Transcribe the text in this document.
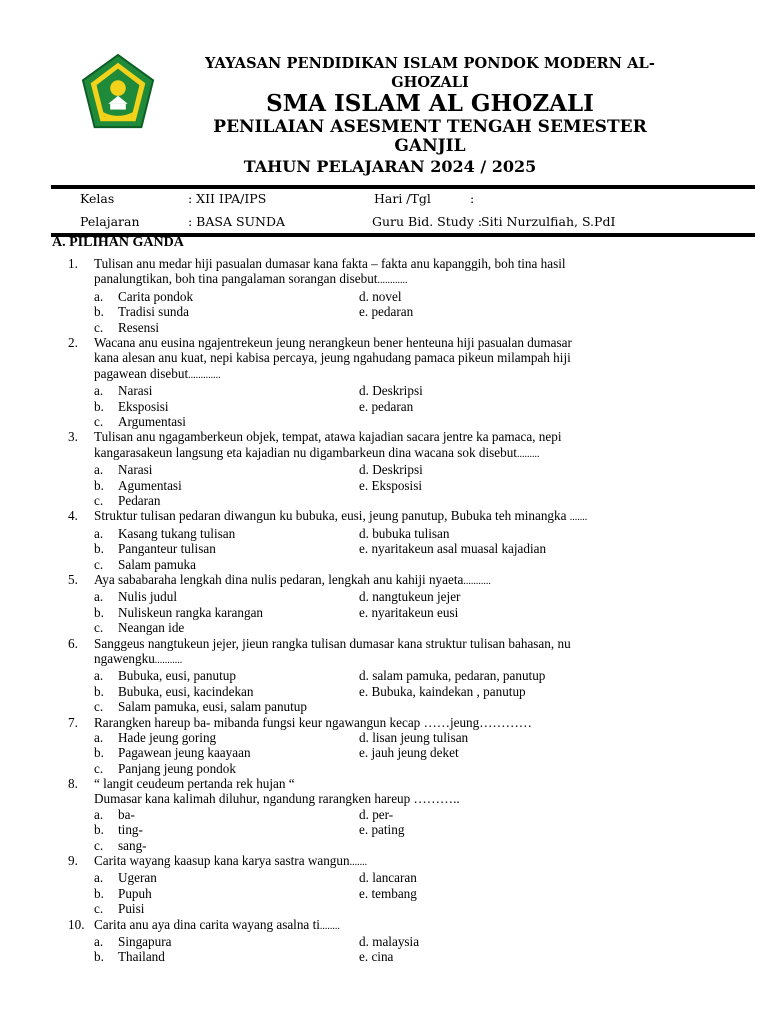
YAYASAN PENDIDIKAN ISLAM PONDOK MODERN AL-
GHOZALI
SMA ISLAM AL GHOZALI
PENILAIAN ASESMENT TENGAH SEMESTER
GANJIL
TAHUN PELAJARAN 2024 / 2025
Kelas	: XII IPA/IPS	Hari /Tgl	:
Pelajaran	: BASA SUNDA	Guru Bid. Study :
Siti Nurzulfiah, S.PdI
A. PILIHAN GANDA
1.	Tulisan anu medar hiji pasualan dumasar kana fakta – fakta anu kapanggih, boh tina hasil
panalungtikan, boh tina pangalaman sorangan disebut............
a. Carita pondok	d. novel
b. Tradisi sunda	e. pedaran
c. Resensi
2.	Wacana anu eusina ngajentrekeun jeung nerangkeun bener henteuna hiji pasualan dumasar
kana alesan anu kuat, nepi kabisa percaya, jeung ngahudang pamaca pikeun milampah hiji
pagawean disebut.............
a. Narasi	d. Deskripsi
b. Eksposisi	e. pedaran
c. Argumentasi
3.	Tulisan anu ngagamberkeun objek, tempat, atawa kajadian sacara jentre ka pamaca, nepi
kangarasakeun langsung eta kajadian nu digambarkeun dina wacana sok disebut.........
a. Narasi	d. Deskripsi
b. Agumentasi	e. Eksposisi
c. Pedaran
4.	Struktur tulisan pedaran diwangun ku bubuka, eusi, jeung panutup, Bubuka teh minangka .......
a. Kasang tukang tulisan	d. bubuka tulisan
b. Panganteur tulisan	e. nyaritakeun asal muasal kajadian
c. Salam pamuka
5.	Aya sababaraha lengkah dina nulis pedaran, lengkah anu kahiji nyaeta...........
a. Nulis judul	d. nangtukeun jejer
b. Nuliskeun rangka karangan	e. nyaritakeun eusi
c. Neangan ide
6.	Sanggeus nangtukeun jejer, jieun rangka tulisan dumasar kana struktur tulisan bahasan, nu
ngawengku...........
a. Bubuka, eusi, panutup	d. salam pamuka, pedaran, panutup
b. Bubuka, eusi, kacindekan	e. Bubuka, kaindekan , panutup
c. Salam pamuka, eusi, salam panutup
7.	Rarangken hareup ba- mibanda fungsi keur ngawangun kecap ……jeung…………
a. Hade jeung goring	d. lisan jeung tulisan
b. Pagawean jeung kaayaan	e. jauh jeung deket
c. Panjang jeung pondok
8.	“ langit ceudeum pertanda rek hujan “
Dumasar kana kalimah diluhur, ngandung rarangken hareup ………..
a. ba-	d. per-
b. ting-	e. pating
c. sang-
9.	Carita wayang kaasup kana karya sastra wangun.......
a. Ugeran	d. lancaran
b. Pupuh	e. tembang
c. Puisi
10. Carita anu aya dina carita wayang asalna ti........
a. Singapura	d. malaysia
b. Thailand	e. cina
